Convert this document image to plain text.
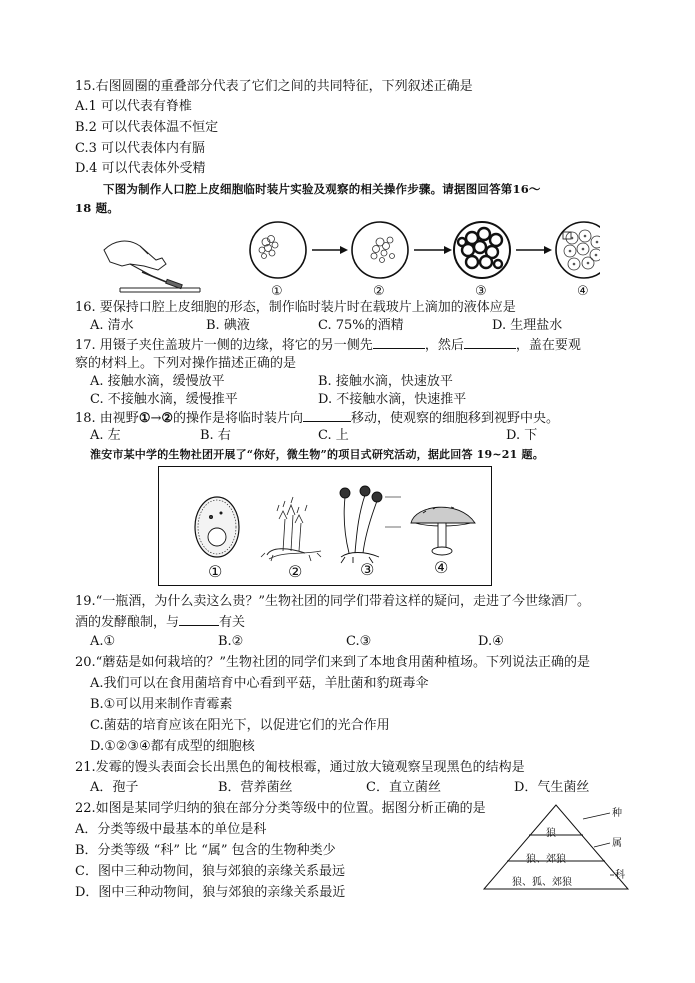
15.右图圆圈的重叠部分代表了它们之间的共同特征，下列叙述正确是
A.1 可以代表有脊椎
B.2 可以代表体温不恒定
C.3 可以代表体内有膈
D.4 可以代表体外受精
下图为制作人口腔上皮细胞临时装片实验及观察的相关操作步骤。请据图回答第16～
18 题。
①	②	③	④
16. 要保持口腔上皮细胞的形态，制作临时装片时在载玻片上滴加的液体应是
A. 清水	B. 碘液	C. 75%的酒精	D. 生理盐水
17. 用镊子夹住盖玻片一侧的边缘，将它的另一侧先	，然后	，盖在要观
察的材料上。下列对操作描述正确的是
A. 接触水滴，缓慢放平	B. 接触水滴，快速放平
C. 不接触水滴，缓慢推平	D. 不接触水滴，快速推平
18. 由视野①→②的操作是将临时装片向	移动，使观察的细胞移到视野中央。
A. 左	B. 右	C. 上	D. 下
淮安市某中学的生物社团开展了“你好，微生物”的项目式研究活动，据此回答 19~21 题。
①	②	③	④
19.“一瓶酒，为什么卖这么贵？”生物社团的同学们带着这样的疑问，走进了今世缘酒厂。
酒的发酵酿制，与	有关
A.①	B.②	C.③	D.④
20.“蘑菇是如何栽培的？”生物社团的同学们来到了本地食用菌种植场。下列说法正确的是
A.我们可以在食用菌培育中心看到平菇，羊肚菌和豹斑毒伞
B.①可以用来制作青霉素
C.菌菇的培育应该在阳光下，以促进它们的光合作用
D.①②③④都有成型的细胞核
21.发霉的馒头表面会长出黑色的匍枝根霉，通过放大镜观察呈现黑色的结构是
A．孢子	B．营养菌丝	C．直立菌丝	D．气生菌丝
22.如图是某同学归纳的狼在部分分类等级中的位置。据图分析正确的是
A．分类等级中最基本的单位是科
B．分类等级 “科” 比 “属” 包含的生物种类少
C．图中三种动物间，狼与郊狼的亲缘关系最远
D．图中三种动物间，狼与郊狼的亲缘关系最近
狼
狼、郊狼
狼、狐、郊狼
种
属
科
